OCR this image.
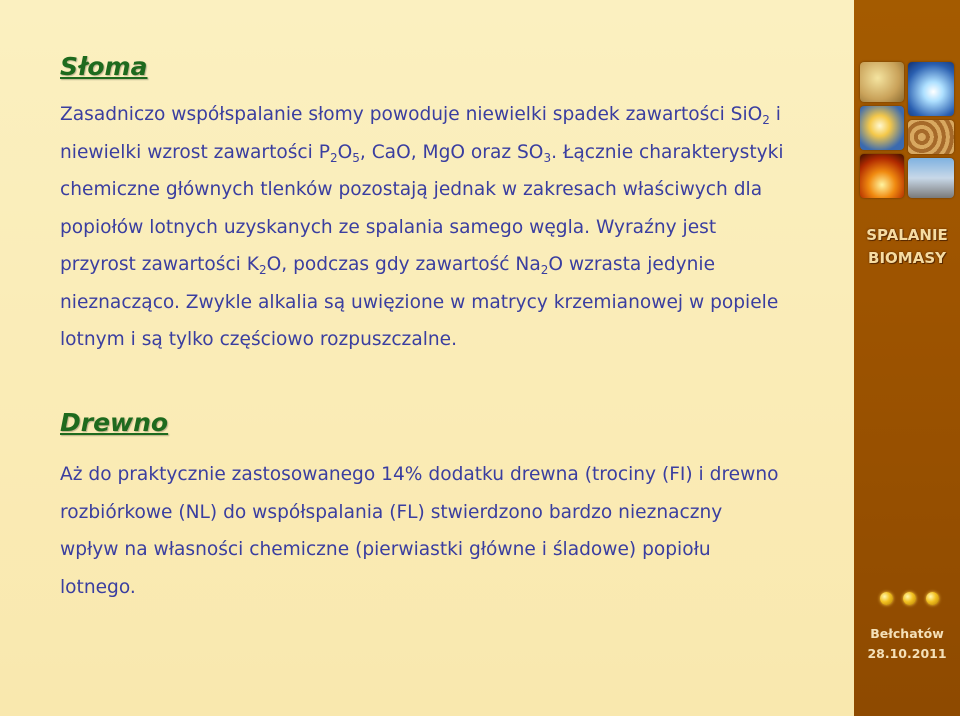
Słoma
Zasadniczo współspalanie słomy powoduje niewielki spadek zawartości SiO$_2$ i
niewielki wzrost zawartości $P_2O_5$, CaO, MgO oraz $SO_3$. Łącznie charakterystyki
chemiczne głównych tlenków pozostają jednak w zakresach właściwych dla
popiołów lotnych uzyskanych ze spalania samego węgla. Wyraźny jest
przyrost zawartości $K_2O$, podczas gdy zawartość $Na_2O$ wzrasta jedynie
nieznacząco. Zwykle alkalia są uwięzione w matrycy krzemianowej w popiele
lotnym i są tylko częściowo rozpuszczalne.
Drewno
Aż do praktycznie zastosowanego 14% dodatku drewna (trociny (FI) i drewno
rozbiórkowe (NL) do współspalania (FL) stwierdzono bardzo nieznaczny
wpływ na własności chemiczne (pierwiastki główne i śladowe) popiołu
lotnego.
SPALANIE
BIOMASY
Bełchatów
28.10.2011
